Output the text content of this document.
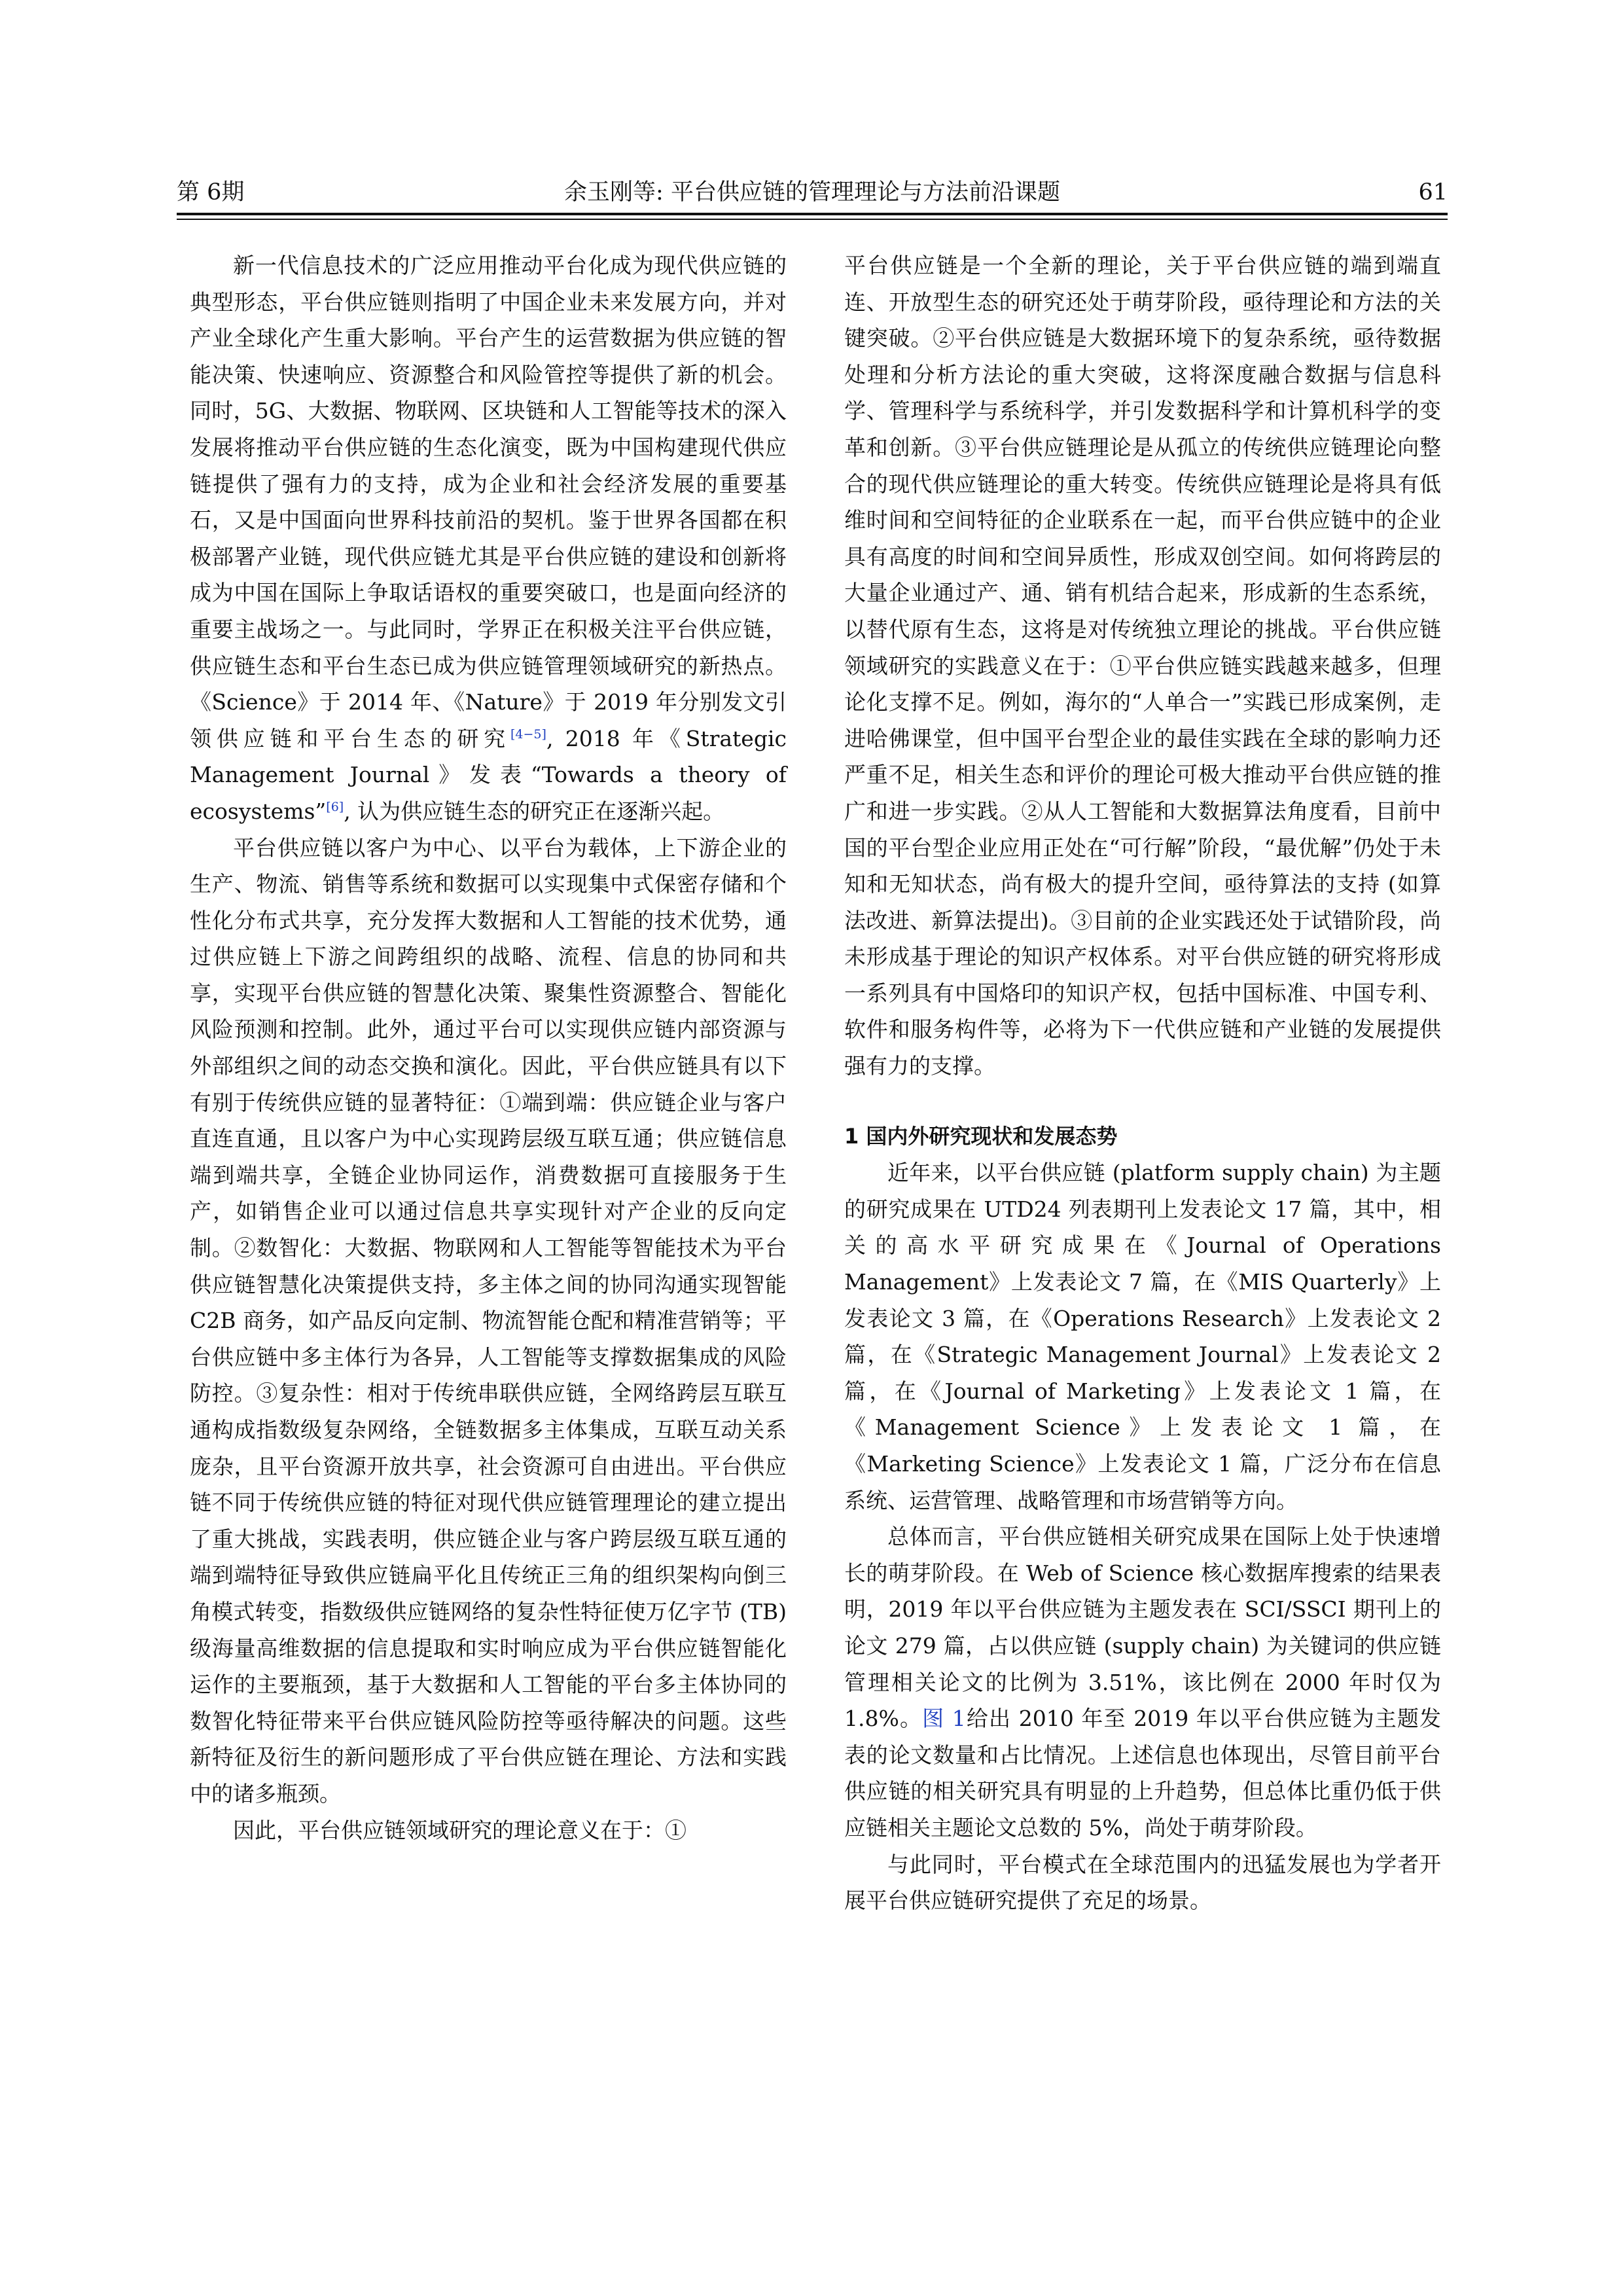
第 6期	余玉刚等: 平台供应链的管理理论与方法前沿课题	61

新一代信息技术的广泛应用推动平台化成为现代供应链的典型形态，平台供应链则指明了中国企业未来发展方向，并对产业全球化产生重大影响。平台产生的运营数据为供应链的智能决策、快速响应、资源整合和风险管控等提供了新的机会。同时，5G、大数据、物联网、区块链和人工智能等技术的深入发展将推动平台供应链的生态化演变，既为中国构建现代供应链提供了强有力的支持，成为企业和社会经济发展的重要基石，又是中国面向世界科技前沿的契机。鉴于世界各国都在积极部署产业链，现代供应链尤其是平台供应链的建设和创新将成为中国在国际上争取话语权的重要突破口，也是面向经济的重要主战场之一。与此同时，学界正在积极关注平台供应链，供应链生态和平台生态已成为供应链管理领域研究的新热点。《Science》于 2014 年、《Nature》于 2019 年分别发文引领供应链和平台生态的研究[4−5], 2018 年《Strategic Management Journal》发表“Towards a theory of ecosystems”[6], 认为供应链生态的研究正在逐渐兴起。

平台供应链以客户为中心、以平台为载体，上下游企业的生产、物流、销售等系统和数据可以实现集中式保密存储和个性化分布式共享，充分发挥大数据和人工智能的技术优势，通过供应链上下游之间跨组织的战略、流程、信息的协同和共享，实现平台供应链的智慧化决策、聚集性资源整合、智能化风险预测和控制。此外，通过平台可以实现供应链内部资源与外部组织之间的动态交换和演化。因此，平台供应链具有以下有别于传统供应链的显著特征：①端到端：供应链企业与客户直连直通，且以客户为中心实现跨层级互联互通；供应链信息端到端共享，全链企业协同运作，消费数据可直接服务于生产，如销售企业可以通过信息共享实现针对产企业的反向定制。②数智化：大数据、物联网和人工智能等智能技术为平台供应链智慧化决策提供支持，多主体之间的协同沟通实现智能 C2B 商务，如产品反向定制、物流智能仓配和精准营销等；平台供应链中多主体行为各异，人工智能等支撑数据集成的风险防控。③复杂性：相对于传统串联供应链，全网络跨层互联互通构成指数级复杂网络，全链数据多主体集成，互联互动关系庞杂，且平台资源开放共享，社会资源可自由进出。平台供应链不同于传统供应链的特征对现代供应链管理理论的建立提出了重大挑战，实践表明，供应链企业与客户跨层级互联互通的端到端特征导致供应链扁平化且传统正三角的组织架构向倒三角模式转变，指数级供应链网络的复杂性特征使万亿字节 (TB) 级海量高维数据的信息提取和实时响应成为平台供应链智能化运作的主要瓶颈，基于大数据和人工智能的平台多主体协同的数智化特征带来平台供应链风险防控等亟待解决的问题。这些新特征及衍生的新问题形成了平台供应链在理论、方法和实践中的诸多瓶颈。

因此，平台供应链领域研究的理论意义在于：①

平台供应链是一个全新的理论，关于平台供应链的端到端直连、开放型生态的研究还处于萌芽阶段，亟待理论和方法的关键突破。②平台供应链是大数据环境下的复杂系统，亟待数据处理和分析方法论的重大突破，这将深度融合数据与信息科学、管理科学与系统科学，并引发数据科学和计算机科学的变革和创新。③平台供应链理论是从孤立的传统供应链理论向整合的现代供应链理论的重大转变。传统供应链理论是将具有低维时间和空间特征的企业联系在一起，而平台供应链中的企业具有高度的时间和空间异质性，形成双创空间。如何将跨层的大量企业通过产、通、销有机结合起来，形成新的生态系统，以替代原有生态，这将是对传统独立理论的挑战。平台供应链领域研究的实践意义在于：①平台供应链实践越来越多，但理论化支撑不足。例如，海尔的“人单合一”实践已形成案例，走进哈佛课堂，但中国平台型企业的最佳实践在全球的影响力还严重不足，相关生态和评价的理论可极大推动平台供应链的推广和进一步实践。②从人工智能和大数据算法角度看，目前中国的平台型企业应用正处在“可行解”阶段，“最优解”仍处于未知和无知状态，尚有极大的提升空间，亟待算法的支持 (如算法改进、新算法提出)。③目前的企业实践还处于试错阶段，尚未形成基于理论的知识产权体系。对平台供应链的研究将形成一系列具有中国烙印的知识产权，包括中国标准、中国专利、软件和服务构件等，必将为下一代供应链和产业链的发展提供强有力的支撑。

1 国内外研究现状和发展态势

近年来，以平台供应链 (platform supply chain) 为主题的研究成果在 UTD24 列表期刊上发表论文 17 篇，其中，相关的高水平研究成果在《Journal of Operations Management》上发表论文 7 篇，在《MIS Quarterly》上发表论文 3 篇，在《Operations Research》上发表论文 2 篇，在《Strategic Management Journal》上发表论文 2 篇，在《Journal of Marketing》上发表论文 1 篇，在《Management Science》上发表论文 1 篇，在《Marketing Science》上发表论文 1 篇，广泛分布在信息系统、运营管理、战略管理和市场营销等方向。

总体而言，平台供应链相关研究成果在国际上处于快速增长的萌芽阶段。在 Web of Science 核心数据库搜索的结果表明，2019 年以平台供应链为主题发表在 SCI/SSCI 期刊上的论文 279 篇，占以供应链 (supply chain) 为关键词的供应链管理相关论文的比例为 3.51%，该比例在 2000 年时仅为 1.8%。图 1给出 2010 年至 2019 年以平台供应链为主题发表的论文数量和占比情况。上述信息也体现出，尽管目前平台供应链的相关研究具有明显的上升趋势，但总体比重仍低于供应链相关主题论文总数的 5%，尚处于萌芽阶段。

与此同时，平台模式在全球范围内的迅猛发展也为学者开展平台供应链研究提供了充足的场景。
